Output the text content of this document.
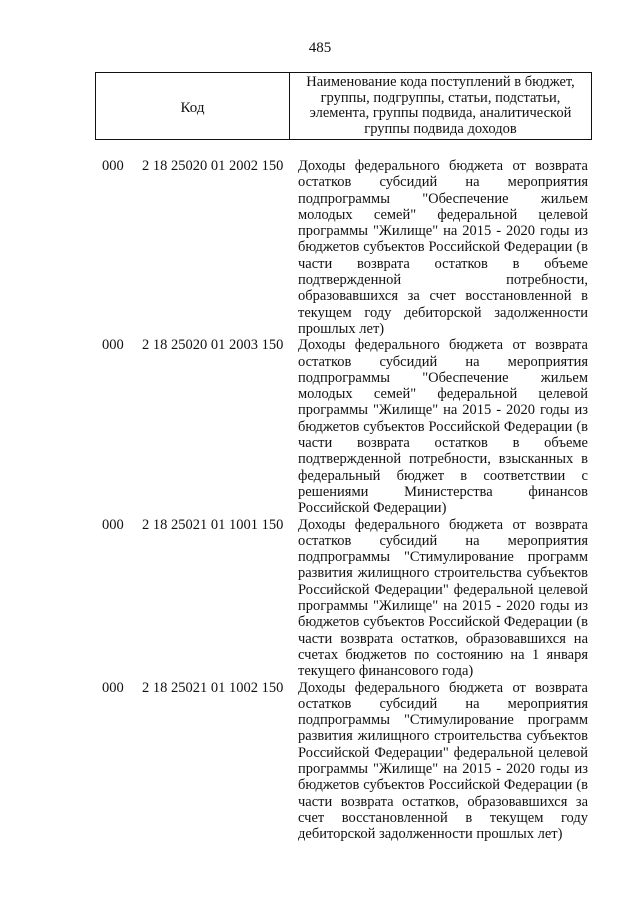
485
Код
Наименование кода поступлений в бюджет, группы, подгруппы, статьи, подстатьи, элемента, группы подвида, аналитической группы подвида доходов
000 2 18 25020 01 2002 150 Доходы федерального бюджета от возврата остатков субсидий на мероприятия подпрограммы "Обеспечение жильем молодых семей" федеральной целевой программы "Жилище" на 2015 - 2020 годы из бюджетов субъектов Российской Федерации (в части возврата остатков в объеме подтвержденной потребности, образовавшихся за счет восстановленной в текущем году дебиторской задолженности прошлых лет)
000 2 18 25020 01 2003 150 Доходы федерального бюджета от возврата остатков субсидий на мероприятия подпрограммы "Обеспечение жильем молодых семей" федеральной целевой программы "Жилище" на 2015 - 2020 годы из бюджетов субъектов Российской Федерации (в части возврата остатков в объеме подтвержденной потребности, взысканных в федеральный бюджет в соответствии с решениями Министерства финансов Российской Федерации)
000 2 18 25021 01 1001 150 Доходы федерального бюджета от возврата остатков субсидий на мероприятия подпрограммы "Стимулирование программ развития жилищного строительства субъектов Российской Федерации" федеральной целевой программы "Жилище" на 2015 - 2020 годы из бюджетов субъектов Российской Федерации (в части возврата остатков, образовавшихся на счетах бюджетов по состоянию на 1 января текущего финансового года)
000 2 18 25021 01 1002 150 Доходы федерального бюджета от возврата остатков субсидий на мероприятия подпрограммы "Стимулирование программ развития жилищного строительства субъектов Российской Федерации" федеральной целевой программы "Жилище" на 2015 - 2020 годы из бюджетов субъектов Российской Федерации (в части возврата остатков, образовавшихся за счет восстановленной в текущем году дебиторской задолженности прошлых лет)
